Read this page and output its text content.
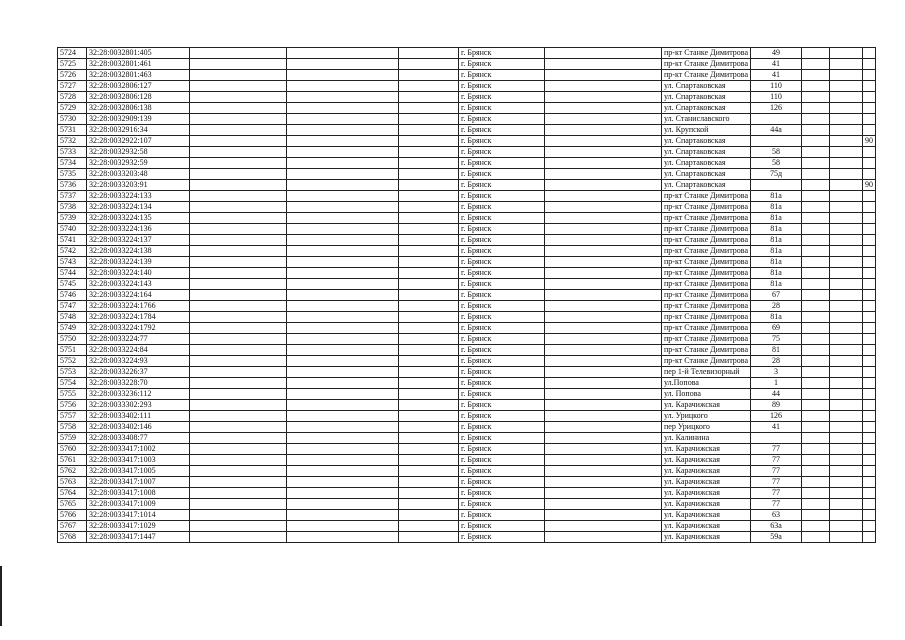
5724	32:28:0032801:405				г. Брянск		пр-кт Станке Димитрова	49			
5725	32:28:0032801:461				г. Брянск		пр-кт Станке Димитрова	41			
5726	32:28:0032801:463				г. Брянск		пр-кт Станке Димитрова	41			
5727	32:28:0032806:127				г. Брянск		ул. Спартаковская	110			
5728	32:28:0032806:128				г. Брянск		ул. Спартаковская	110			
5729	32:28:0032806:138				г. Брянск		ул. Спартаковская	126			
5730	32:28:0032909:139				г. Брянск		ул. Станиславского				
5731	32:28:0032916:34				г. Брянск		ул. Крупской	44а			
5732	32:28:0032922:107				г. Брянск		ул. Спартаковская				90
5733	32:28:0032932:58				г. Брянск		ул. Спартаковская	58			
5734	32:28:0032932:59				г. Брянск		ул. Спартаковская	58			
5735	32:28:0033203:48				г. Брянск		ул. Спартаковская	75д			
5736	32:28:0033203:91				г. Брянск		ул. Спартаковская				90
5737	32:28:0033224:133				г. Брянск		пр-кт Станке Димитрова	81а			
5738	32:28:0033224:134				г. Брянск		пр-кт Станке Димитрова	81а			
5739	32:28:0033224:135				г. Брянск		пр-кт Станке Димитрова	81а			
5740	32:28:0033224:136				г. Брянск		пр-кт Станке Димитрова	81а			
5741	32:28:0033224:137				г. Брянск		пр-кт Станке Димитрова	81а			
5742	32:28:0033224:138				г. Брянск		пр-кт Станке Димитрова	81а			
5743	32:28:0033224:139				г. Брянск		пр-кт Станке Димитрова	81а			
5744	32:28:0033224:140				г. Брянск		пр-кт Станке Димитрова	81а			
5745	32:28:0033224:143				г. Брянск		пр-кт Станке Димитрова	81а			
5746	32:28:0033224:164				г. Брянск		пр-кт Станке Димитрова	67			
5747	32:28:0033224:1766				г. Брянск		пр-кт Станке Димитрова	28			
5748	32:28:0033224:1784				г. Брянск		пр-кт Станке Димитрова	81а			
5749	32:28:0033224:1792				г. Брянск		пр-кт Станке Димитрова	69			
5750	32:28:0033224:77				г. Брянск		пр-кт Станке Димитрова	75			
5751	32:28:0033224:84				г. Брянск		пр-кт Станке Димитрова	81			
5752	32:28:0033224:93				г. Брянск		пр-кт Станке Димитрова	28			
5753	32:28:0033226:37				г. Брянск		пер 1-й Телевизорный	3			
5754	32:28:0033228:70				г. Брянск		ул.Попова	1			
5755	32:28:0033236:112				г. Брянск		ул. Попова	44			
5756	32:28:0033302:293				г. Брянск		ул. Карачижская	89			
5757	32:28:0033402:111				г. Брянск		ул. Урицкого	126			
5758	32:28:0033402:146				г. Брянск		пер Урицкого	41			
5759	32:28:0033408:77				г. Брянск		ул. Калинина				
5760	32:28:0033417:1002				г. Брянск		ул. Карачижская	77			
5761	32:28:0033417:1003				г. Брянск		ул. Карачижская	77			
5762	32:28:0033417:1005				г. Брянск		ул. Карачижская	77			
5763	32:28:0033417:1007				г. Брянск		ул. Карачижская	77			
5764	32:28:0033417:1008				г. Брянск		ул. Карачижская	77			
5765	32:28:0033417:1009				г. Брянск		ул. Карачижская	77			
5766	32:28:0033417:1014				г. Брянск		ул. Карачижская	63			
5767	32:28:0033417:1029				г. Брянск		ул. Карачижская	63а			
5768	32:28:0033417:1447				г. Брянск		ул. Карачижская	59а			
